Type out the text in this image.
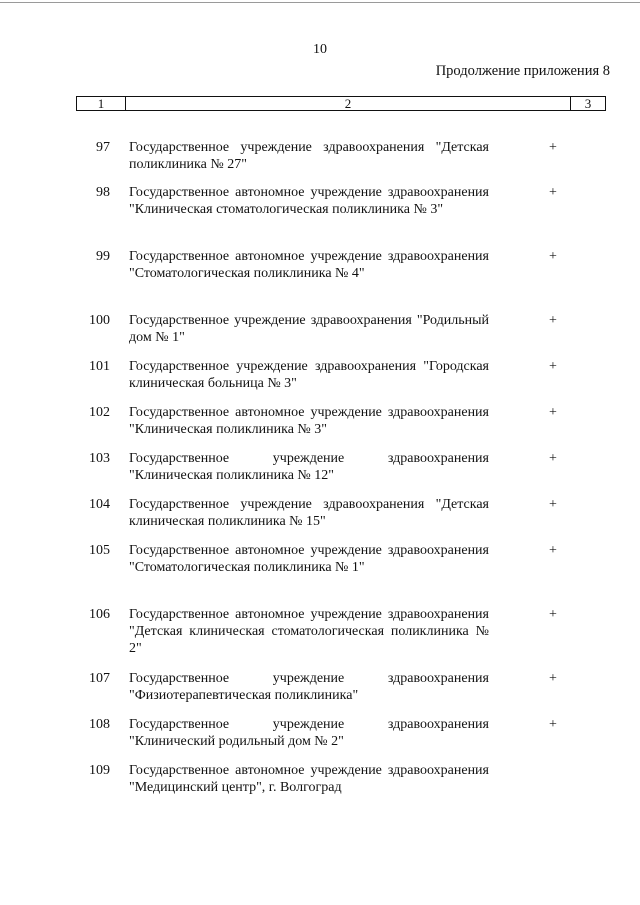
10
Продолжение приложения 8
1	2	3
97 Государственное учреждение здравоохранения "Детская поликлиника № 27"
+
98 Государственное автономное учреждение здравоохранения "Клиническая стоматологическая поликлиника № 3"
+
99 Государственное автономное учреждение здравоохранения "Стоматологическая поликлиника № 4"
+
100 Государственное учреждение здравоохранения "Родильный дом № 1"
+
101 Государственное учреждение здравоохранения "Городская клиническая больница № 3"
+
102 Государственное автономное учреждение здравоохранения "Клиническая поликлиника № 3"
+
103 Государственное учреждение здравоохранения "Клиническая поликлиника № 12"
+
104 Государственное учреждение здравоохранения "Детская клиническая поликлиника № 15"
+
105 Государственное автономное учреждение здравоохранения "Стоматологическая поликлиника № 1"
+
106 Государственное автономное учреждение здравоохранения "Детская клиническая стоматологическая поликлиника № 2"
+
107 Государственное учреждение здравоохранения "Физиотерапевтическая поликлиника"
+
108 Государственное учреждение здравоохранения "Клинический родильный дом № 2"
+
109 Государственное автономное учреждение здравоохранения "Медицинский центр", г. Волгоград
